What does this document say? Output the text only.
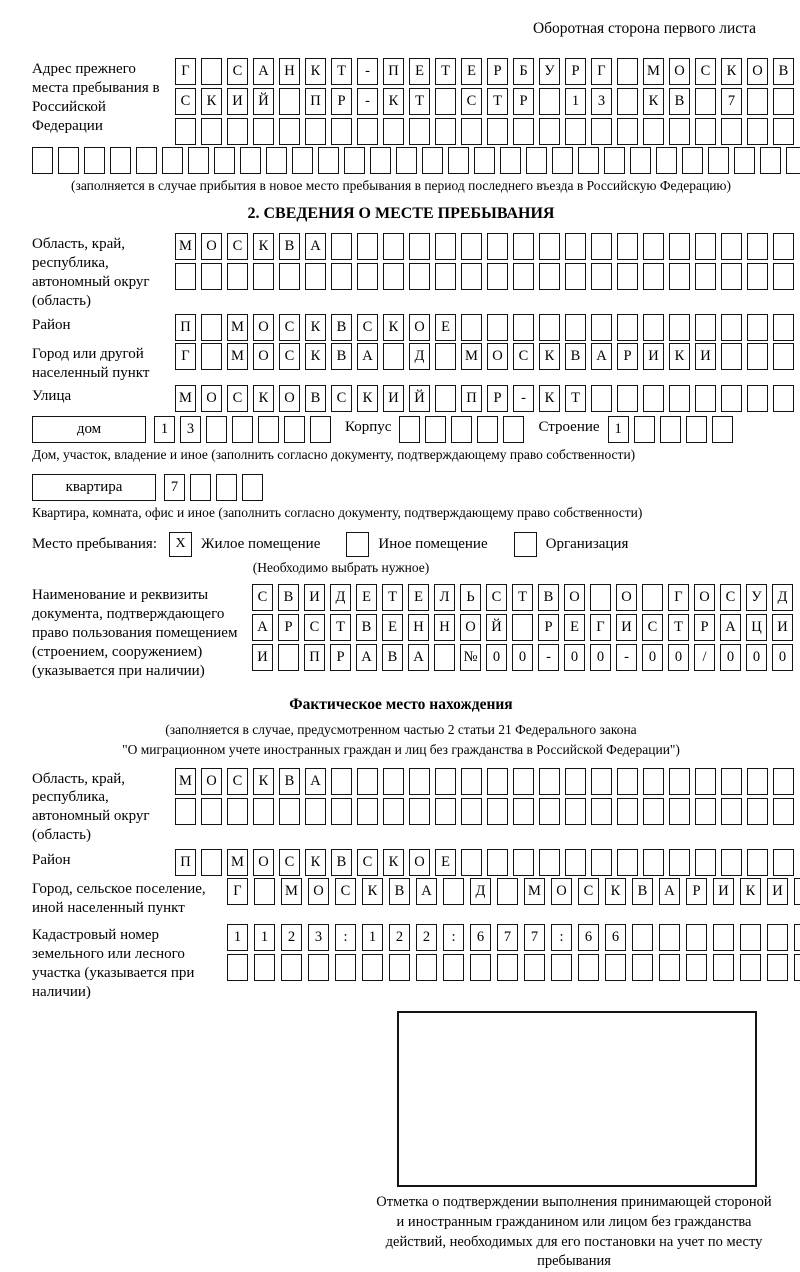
Оборотная сторона первого листа
Адрес прежнего места пребывания в Российской Федерации
Г	С	А	Н	К	Т	-	П	Е	Т	Е	Р	Б	У	Р	Г	М О	С	К	О	В
С	К	И	Й	П	Р	-	К	Т	С	Т	Р	1	3	К	В	7
(заполняется в случае прибытия в новое место пребывания в период последнего въезда в Российскую Федерацию)
2. СВЕДЕНИЯ О МЕСТЕ ПРЕБЫВАНИЯ
Область, край, республика, автономный округ (область)
М О	С	К	В	А
Район	П	М О	С	К	В	С	К	О	Е
Город или другой населенный пункт
Г	М О	С	К	В	А	Д	М О	С	К	В	А	Р	И	К	И
Улица	М О	С	К	О	В	С	К	И	Й	П	Р	-	К	Т
дом	1	3	Корпус	Строение	1
Дом, участок, владение и иное (заполнить согласно документу, подтверждающему право собственности)
квартира	7
Квартира, комната, офис и иное (заполнить согласно документу, подтверждающему право собственности)
Место пребывания:	X	Жилое помещение	Иное помещение	Организация
(Необходимо выбрать нужное)
Наименование и реквизиты документа, подтверждающего право пользования помещением (строением, сооружением) (указывается при наличии)
С	В	И	Д	Е	Т	Е	Л	Ь	С	Т	В	О	О	Г	О	С	У	Д
А	Р	С	Т	В	Е	Н	Н	О	Й	Р	Е	Г	И	С	Т	Р	А	Ц	И
И	П	Р	А	В	А	№	0	0	-	0	0	-	0	0	/	0	0	0
Фактическое место нахождения
(заполняется в случае, предусмотренном частью 2 статьи 21 Федерального закона
"О миграционном учете иностранных граждан и лиц без гражданства в Российской Федерации")
Область, край, республика, автономный округ (область)
М О	С	К	В	А
Район	П	М О	С	К	В	С	К	О	Е
Город, сельское поселение, иной населенный пункт
Г	М	О	С	К	В	А	Д	М	О	С	К	В	А	Р	И	К	И
Кадастровый номер земельного или лесного участка (указывается при наличии)
1	1	2	3	:	1	2	2	:	6	7	7	:	6	6
Отметка о подтверждении выполнения принимающей стороной и иностранным гражданином или лицом без гражданства действий, необходимых для его постановки на учет по месту пребывания
